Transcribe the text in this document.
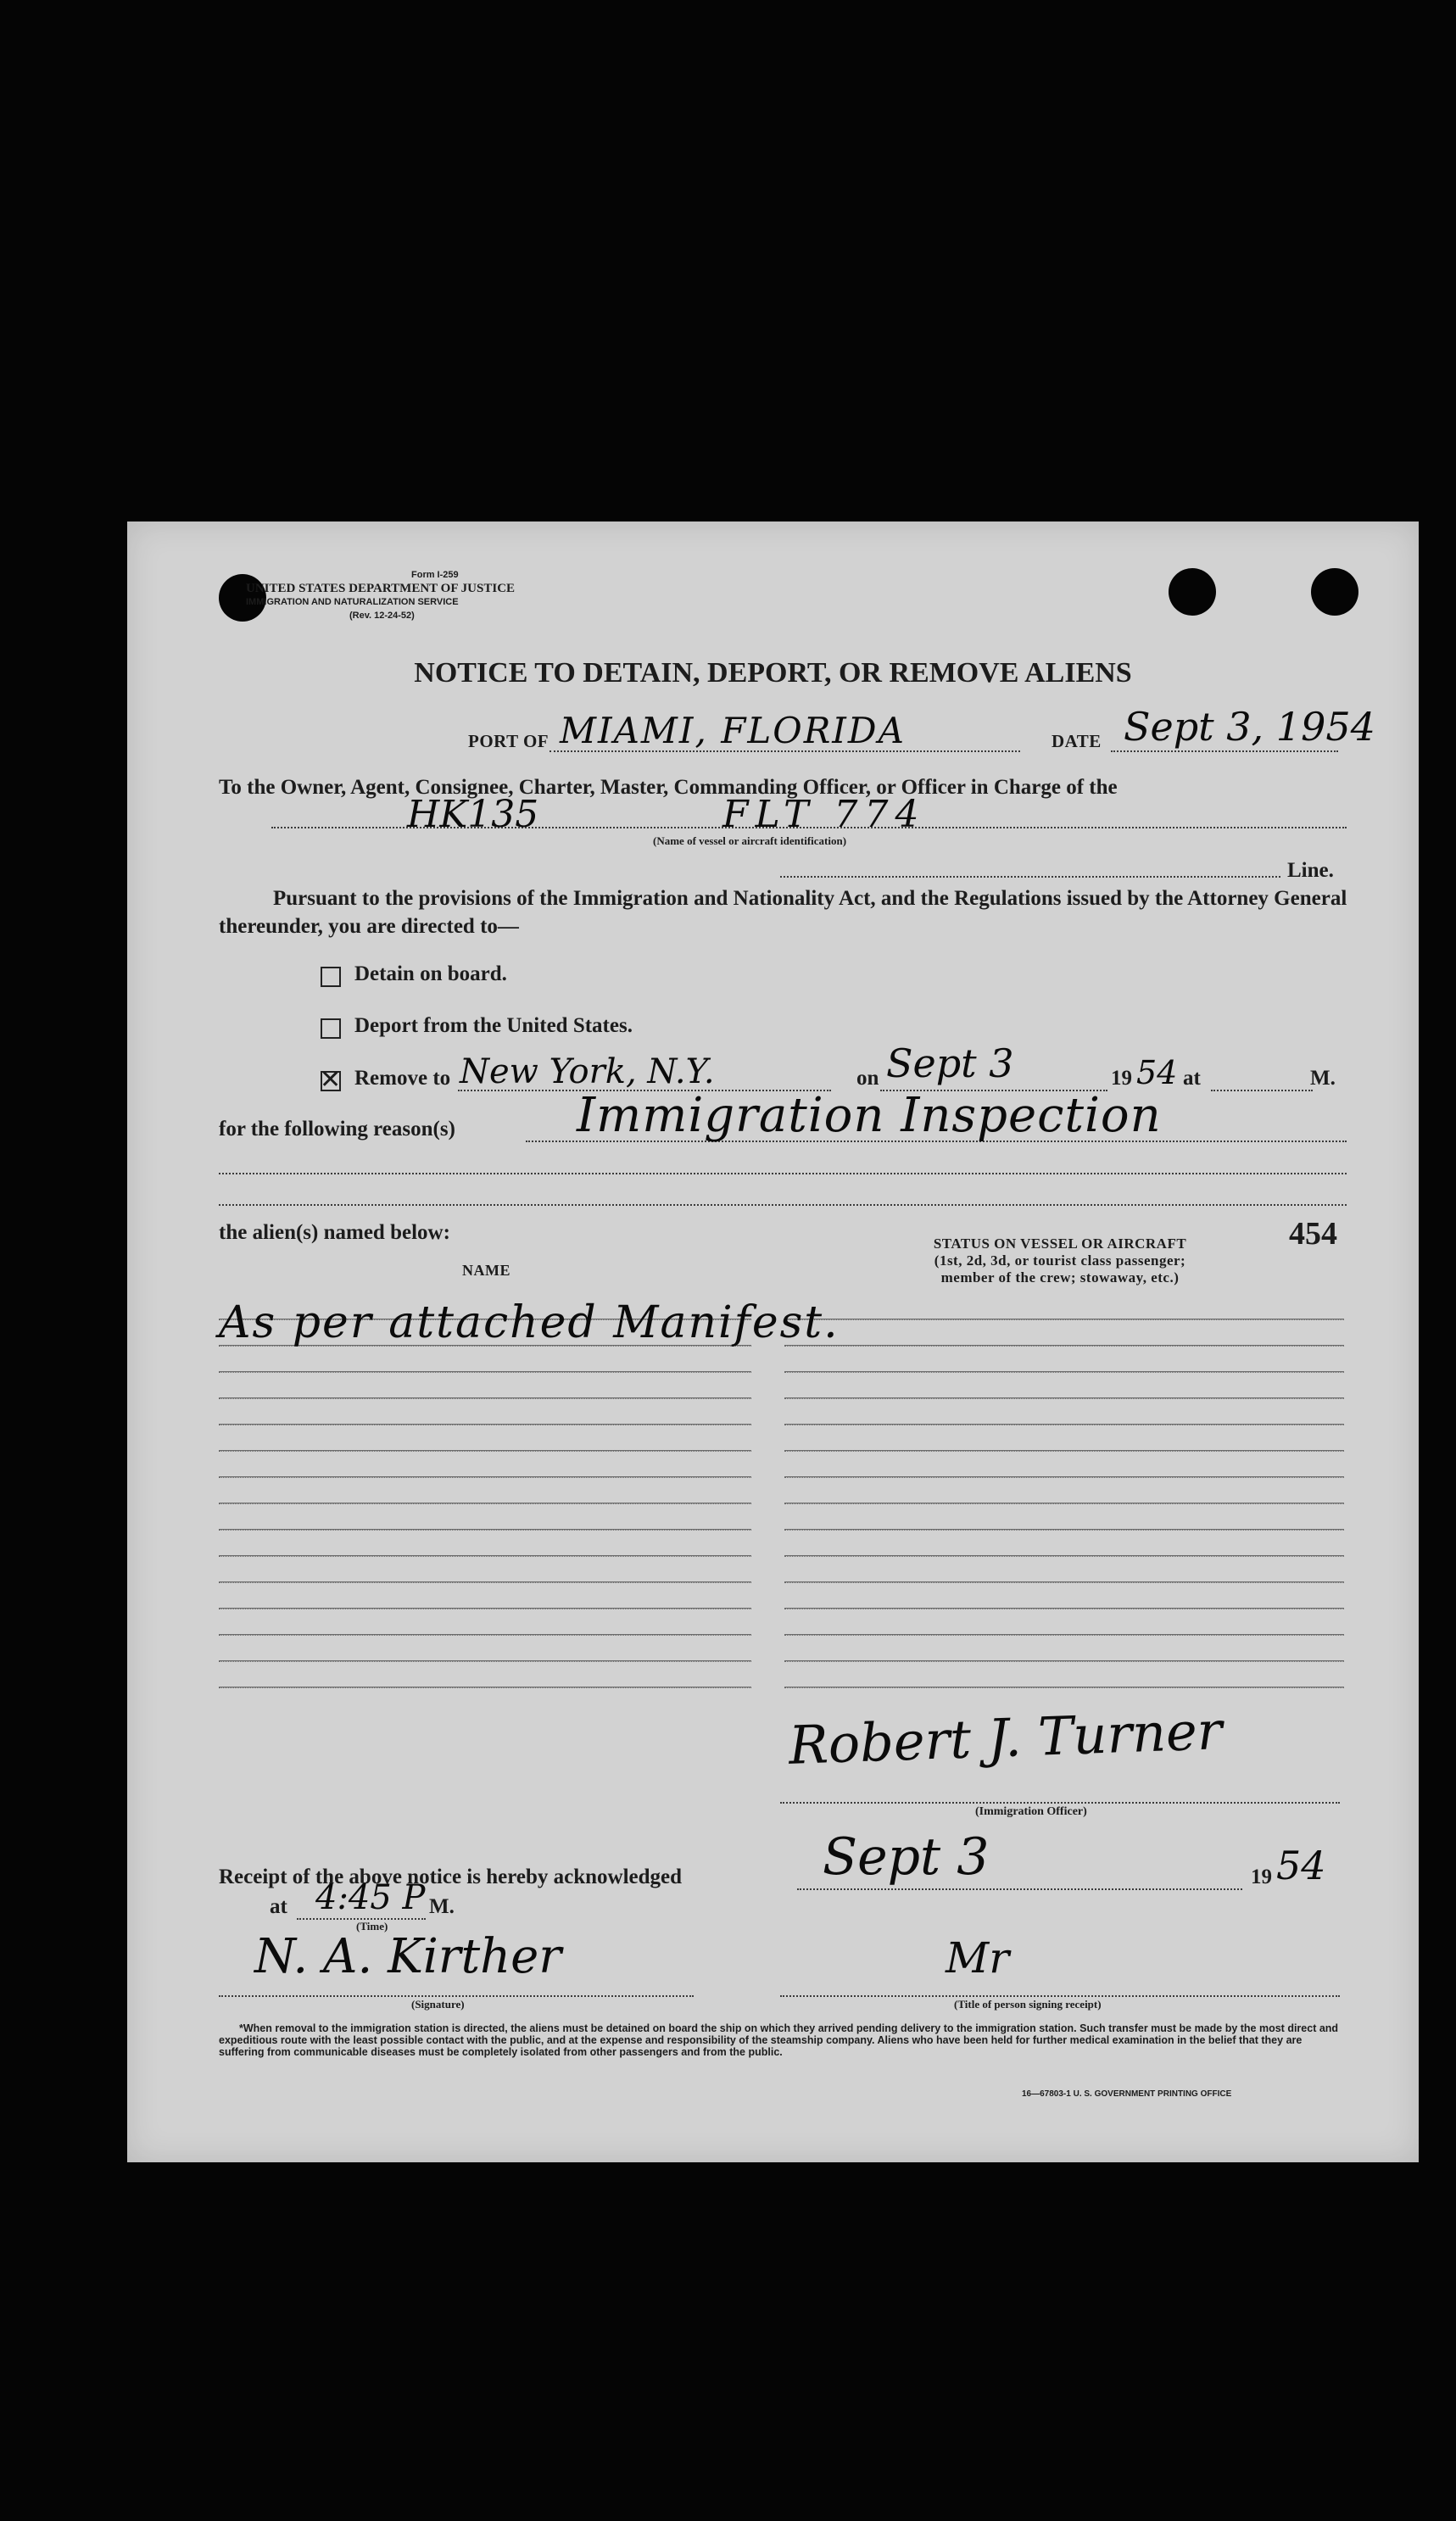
Form I-259
UNITED STATES DEPARTMENT OF JUSTICE
IMMIGRATION AND NATURALIZATION SERVICE
(Rev. 12-24-52)
NOTICE TO DETAIN, DEPORT, OR REMOVE ALIENS
PORT OF MIAMI, FLORIDA	DATE Sept 3, 1954
To the Owner, Agent, Consignee, Charter, Master, Commanding Officer, or Officer in Charge of the
HK135	FLT 774
(Name of vessel or aircraft identification)
Line.
Pursuant to the provisions of the Immigration and Nationality Act, and the Regulations issued by the Attorney General thereunder, you are directed to—
Detain on board.
Deport from the United States.
✕ Remove to New York, N.Y.	on Sept 3	19 54 at	M.
for the following reason(s)	Immigration Inspection
the alien(s) named below:	454
NAME
STATUS ON VESSEL OR AIRCRAFT
(1st, 2d, 3d, or tourist class passenger;
member of the crew; stowaway, etc.)
As per attached Manifest.
Robert J. Turner
(Immigration Officer)
Receipt of the above notice is hereby acknowledged	Sept 3	19 54
at 4:45 P M.
(Time)
N. A. Kirther
(Signature)
Mr
(Title of person signing receipt)
*When removal to the immigration station is directed, the aliens must be detained on board the ship on which they arrived pending delivery to the immigration station. Such transfer must be made by the most direct and expeditious route with the least possible contact with the public, and at the expense and responsibility of the steamship company. Aliens who have been held for further medical examination in the belief that they are suffering from communicable diseases must be completely isolated from other passengers and from the public.
16—67803-1 U. S. GOVERNMENT PRINTING OFFICE
